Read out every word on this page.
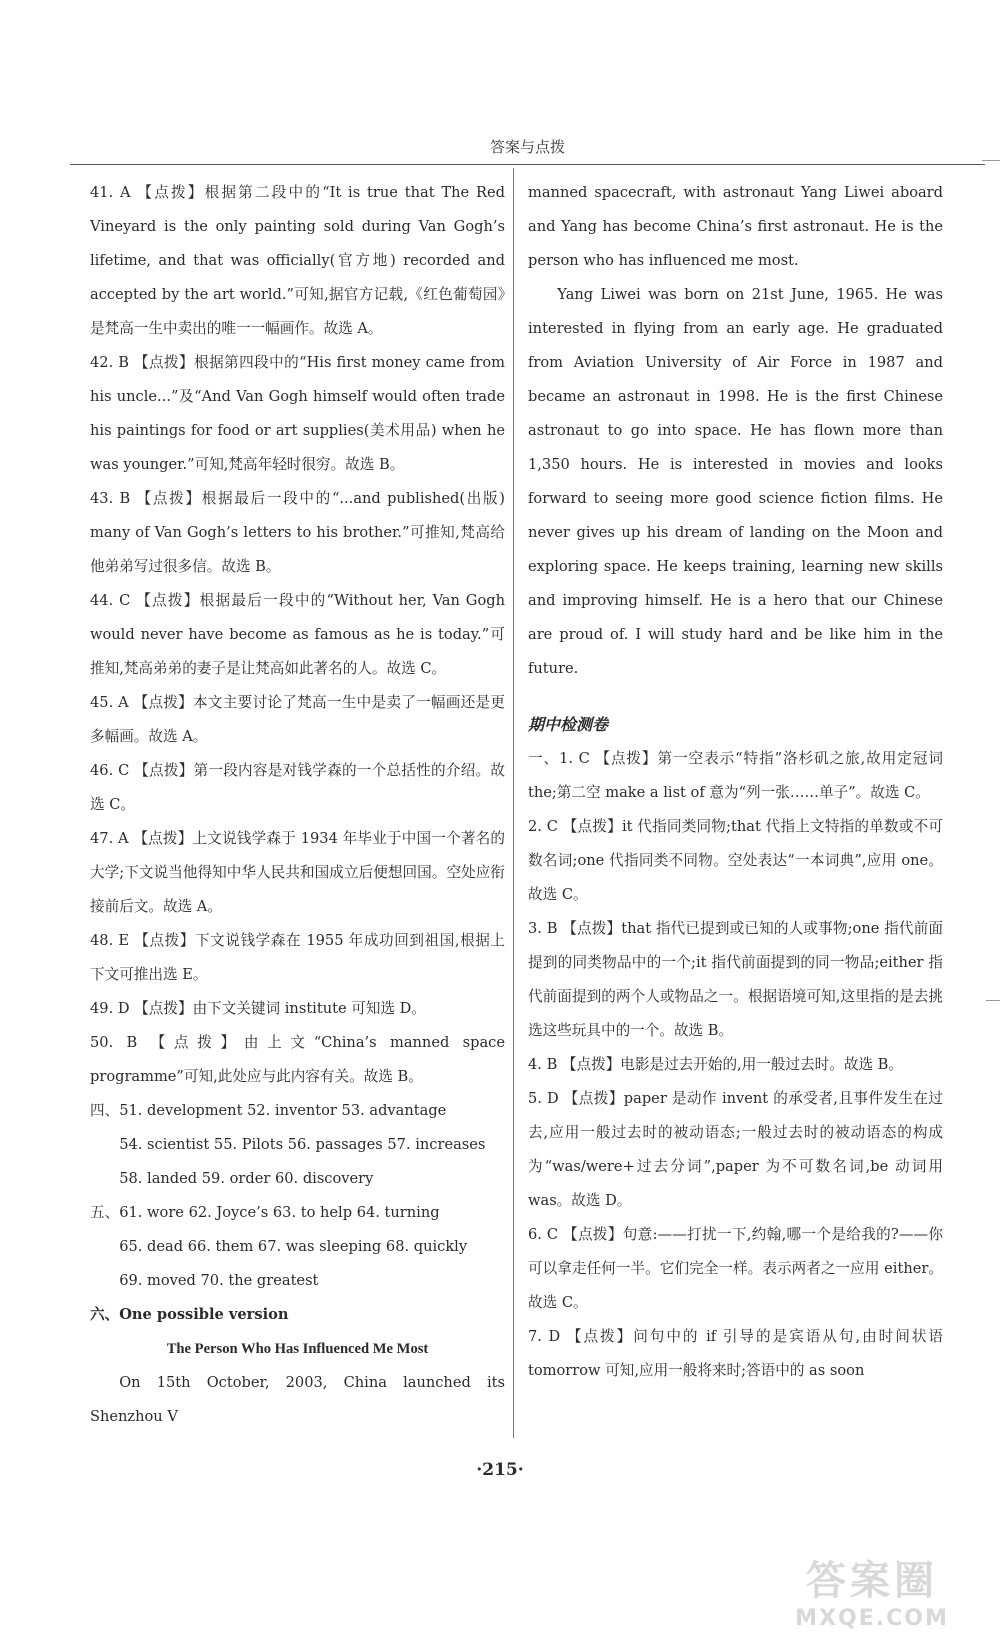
答案与点拨

41. A 【点拨】根据第二段中的“It is true that The Red Vineyard is the only painting sold during Van Gogh’s lifetime, and that was officially(官方地) recorded and accepted by the art world.”可知,据官方记载,《红色葡萄园》是梵高一生中卖出的唯一一幅画作。故选 A。

42. B 【点拨】根据第四段中的“His first money came from his uncle...”及“And Van Gogh himself would often trade his paintings for food or art supplies(美术用品) when he was younger.”可知,梵高年轻时很穷。故选 B。

43. B 【点拨】根据最后一段中的“...and published(出版) many of Van Gogh’s letters to his brother.”可推知,梵高给他弟弟写过很多信。故选 B。

44. C 【点拨】根据最后一段中的“Without her, Van Gogh would never have become as famous as he is today.”可推知,梵高弟弟的妻子是让梵高如此著名的人。故选 C。

45. A 【点拨】本文主要讨论了梵高一生中是卖了一幅画还是更多幅画。故选 A。

46. C 【点拨】第一段内容是对钱学森的一个总括性的介绍。故选 C。

47. A 【点拨】上文说钱学森于 1934 年毕业于中国一个著名的大学;下文说当他得知中华人民共和国成立后便想回国。空处应衔接前后文。故选 A。

48. E 【点拨】下文说钱学森在 1955 年成功回到祖国,根据上下文可推出选 E。

49. D 【点拨】由下文关键词 institute 可知选 D。

50. B 【点拨】由上文“China’s manned space programme”可知,此处应与此内容有关。故选 B。

四、51. development 52. inventor 53. advantage

54. scientist 55. Pilots 56. passages 57. increases

58. landed 59. order 60. discovery

五、61. wore 62. Joyce’s 63. to help 64. turning

65. dead 66. them 67. was sleeping 68. quickly

69. moved 70. the greatest

六、One possible version

The Person Who Has Influenced Me Most

On 15th October, 2003, China launched its Shenzhou V

manned spacecraft, with astronaut Yang Liwei aboard and Yang has become China’s first astronaut. He is the person who has influenced me most.

Yang Liwei was born on 21st June, 1965. He was interested in flying from an early age. He graduated from Aviation University of Air Force in 1987 and became an astronaut in 1998. He is the first Chinese astronaut to go into space. He has flown more than 1,350 hours. He is interested in movies and looks forward to seeing more good science fiction films. He never gives up his dream of landing on the Moon and exploring space. He keeps training, learning new skills and improving himself. He is a hero that our Chinese are proud of. I will study hard and be like him in the future.

期中检测卷

一、1. C 【点拨】第一空表示“特指”洛杉矶之旅,故用定冠词 the;第二空 make a list of 意为“列一张……单子”。故选 C。

2. C 【点拨】it 代指同类同物;that 代指上文特指的单数或不可数名词;one 代指同类不同物。空处表达“一本词典”,应用 one。故选 C。

3. B 【点拨】that 指代已提到或已知的人或事物;one 指代前面提到的同类物品中的一个;it 指代前面提到的同一物品;either 指代前面提到的两个人或物品之一。根据语境可知,这里指的是去挑选这些玩具中的一个。故选 B。

4. B 【点拨】电影是过去开始的,用一般过去时。故选 B。

5. D 【点拨】paper 是动作 invent 的承受者,且事件发生在过去,应用一般过去时的被动语态;一般过去时的被动语态的构成为“was/were+过去分词”,paper 为不可数名词,be 动词用 was。故选 D。

6. C 【点拨】句意:——打扰一下,约翰,哪一个是给我的?——你可以拿走任何一半。它们完全一样。表示两者之一应用 either。故选 C。

7. D 【点拨】问句中的 if 引导的是宾语从句,由时间状语 tomorrow 可知,应用一般将来时;答语中的 as soon

·215·
答案圈
MXQE.COM
